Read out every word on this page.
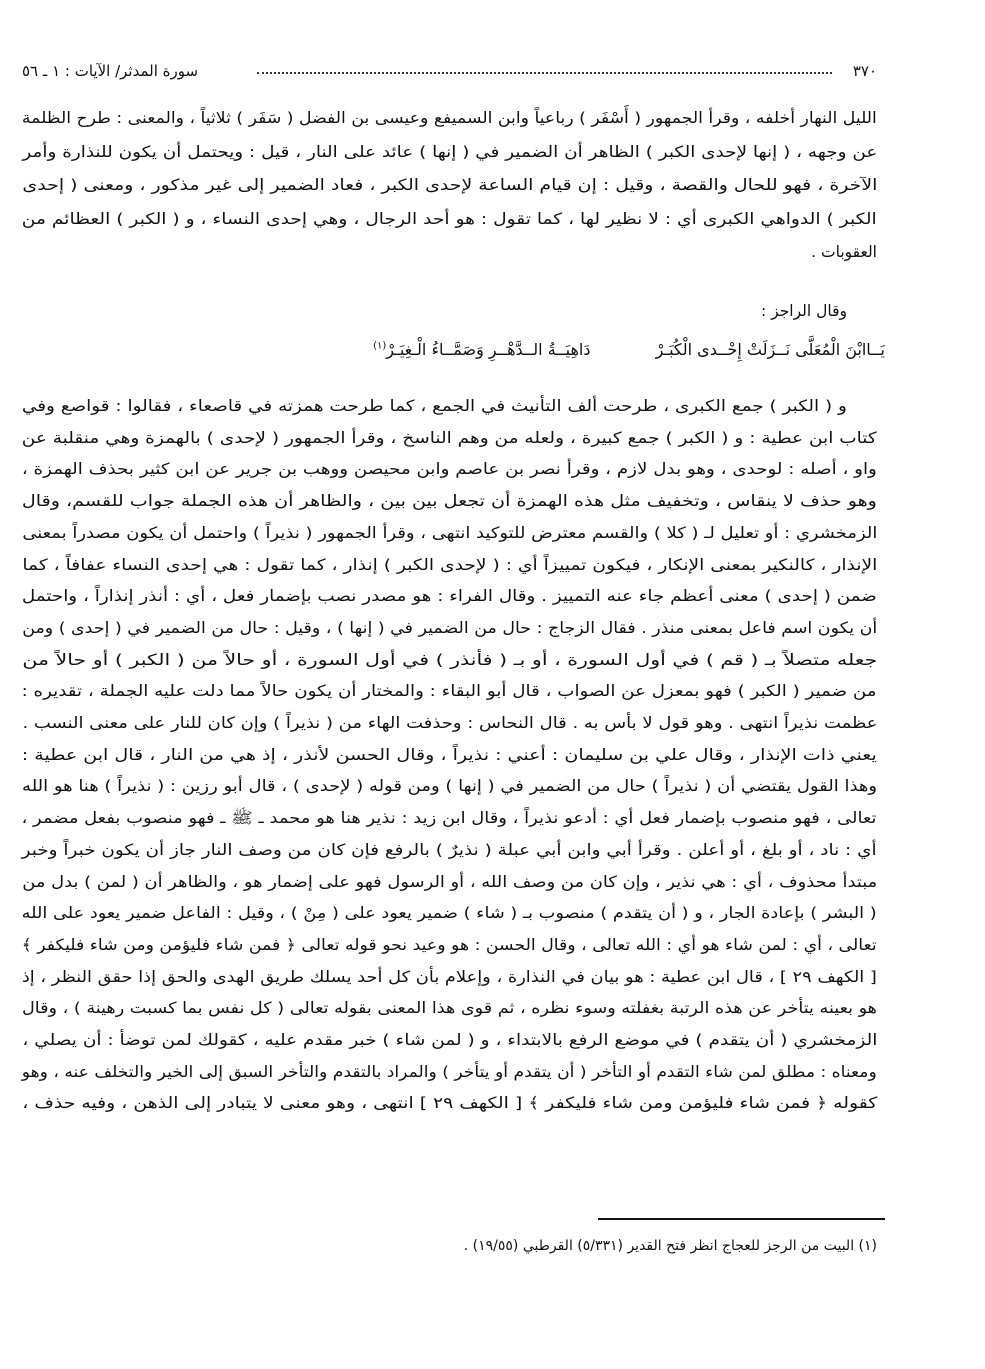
٣٧٠
سورة المدثر/ الآيات : ١ ـ ٥٦
الليل النهار أخلفه ، وقرأ الجمهور ( أَسْفَر ) رباعياً وابن السميفع وعيسى بن الفضل ( سَفَر ) ثلاثياً ، والمعنى : طرح الظلمة
عن وجهه ، ( إنها لإحدى الكبر ) الظاهر أن الضمير في ( إنها ) عائد على النار ، قيل : ويحتمل أن يكون للنذارة وأمر
الآخرة ، فهو للحال والقصة ، وقيل : إن قيام الساعة لإحدى الكبر ، فعاد الضمير إلى غير مذكور ، ومعنى ( إحدى
الكبر ) الدواهي الكبرى أي : لا نظير لها ، كما تقول : هو أحد الرجال ، وهي إحدى النساء ، و ( الكبر ) العظائم من
العقوبات .
وقال الراجز :
يَــاابْنَ الْمُعَلَّى نَــزَلَتْ إِحْــدى الْكُبَـرْ دَاهِيَــةُ الــدَّهْــرِ وَصَمَّــاءُ الْـغِيَـرْ$^{(١)}$
و ( الكبر ) جمع الكبرى ، طرحت ألف التأنيث في الجمع ، كما طرحت همزته في قاصعاء ، فقالوا : قواصع وفي
كتاب ابن عطية : و ( الكبر ) جمع كبيرة ، ولعله من وهم الناسخ ، وقرأ الجمهور ( لإحدى ) بالهمزة وهي منقلبة عن
واو ، أصله : لوحدى ، وهو بدل لازم ، وقرأ نصر بن عاصم وابن محيصن ووهب بن جرير عن ابن كثير بحذف الهمزة ،
وهو حذف لا ينقاس ، وتخفيف مثل هذه الهمزة أن تجعل بين بين ، والظاهر أن هذه الجملة جواب للقسم، وقال
الزمخشري : أو تعليل لـ ( كلا ) والقسم معترض للتوكيد انتهى ، وقرأ الجمهور ( نذيراً ) واحتمل أن يكون مصدراً بمعنى
الإنذار ، كالنكير بمعنى الإنكار ، فيكون تمييزاً أي : ( لإحدى الكبر ) إنذار ، كما تقول : هي إحدى النساء عفافاً ، كما
ضمن ( إحدى ) معنى أعظم جاء عنه التمييز . وقال الفراء : هو مصدر نصب بإضمار فعل ، أي : أنذر إنذاراً ، واحتمل
أن يكون اسم فاعل بمعنى منذر . فقال الزجاج : حال من الضمير في ( إنها ) ، وقيل : حال من الضمير في ( إحدى ) ومن
جعله متصلاً بـ ( قم ) في أول السورة ، أو بـ ( فأنذر ) في أول السورة ، أو حالاً من ( الكبر ) أو حالاً من
من ضمير ( الكبر ) فهو بمعزل عن الصواب ، قال أبو البقاء : والمختار أن يكون حالاً مما دلت عليه الجملة ، تقديره :
عظمت نذيراً انتهى . وهو قول لا بأس به . قال النحاس : وحذفت الهاء من ( نذيراً ) وإن كان للنار على معنى النسب .
يعني ذات الإنذار ، وقال علي بن سليمان : أعني : نذيراً ، وقال الحسن لأنذر ، إذ هي من النار ، قال ابن عطية :
وهذا القول يقتضي أن ( نذيراً ) حال من الضمير في ( إنها ) ومن قوله ( لإحدى ) ، قال أبو رزين : ( نذيراً ) هنا هو الله
تعالى ، فهو منصوب بإضمار فعل أي : أدعو نذيراً ، وقال ابن زيد : نذير هنا هو محمد ـ ﷺ ـ فهو منصوب بفعل مضمر ،
أي : ناد ، أو بلغ ، أو أعلن . وقرأ أبي وابن أبي عبلة ( نذيرٌ ) بالرفع فإن كان من وصف النار جاز أن يكون خبراً وخبر
مبتدأ محذوف ، أي : هي نذير ، وإن كان من وصف الله ، أو الرسول فهو على إضمار هو ، والظاهر أن ( لمن ) بدل من
( البشر ) بإعادة الجار ، و ( أن يتقدم ) منصوب بـ ( شاء ) ضمير يعود على ( مِنْ ) ، وقيل : الفاعل ضمير يعود على الله
تعالى ، أي : لمن شاء هو أي : الله تعالى ، وقال الحسن : هو وعيد نحو قوله تعالى ﴿ فمن شاء فليؤمن ومن شاء فليكفر ﴾
[ الكهف ٢٩ ] ، قال ابن عطية : هو بيان في النذارة ، وإعلام بأن كل أحد يسلك طريق الهدى والحق إذا حقق النظر ، إذ
هو بعينه يتأخر عن هذه الرتبة بغفلته وسوء نظره ، ثم قوى هذا المعنى بقوله تعالى ( كل نفس بما كسبت رهينة ) ، وقال
الزمخشري ( أن يتقدم ) في موضع الرفع بالابتداء ، و ( لمن شاء ) خبر مقدم عليه ، كقولك لمن توضأ : أن يصلي ،
ومعناه : مطلق لمن شاء التقدم أو التأخر ( أن يتقدم أو يتأخر ) والمراد بالتقدم والتأخر السبق إلى الخير والتخلف عنه ، وهو
كقوله ﴿ فمن شاء فليؤمن ومن شاء فليكفر ﴾ [ الكهف ٢٩ ] انتهى ، وهو معنى لا يتبادر إلى الذهن ، وفيه حذف ،
(١) البيت من الرجز للعجاج انظر فتح القدير (٥/٣٣١) القرطبي (١٩/٥٥) .
